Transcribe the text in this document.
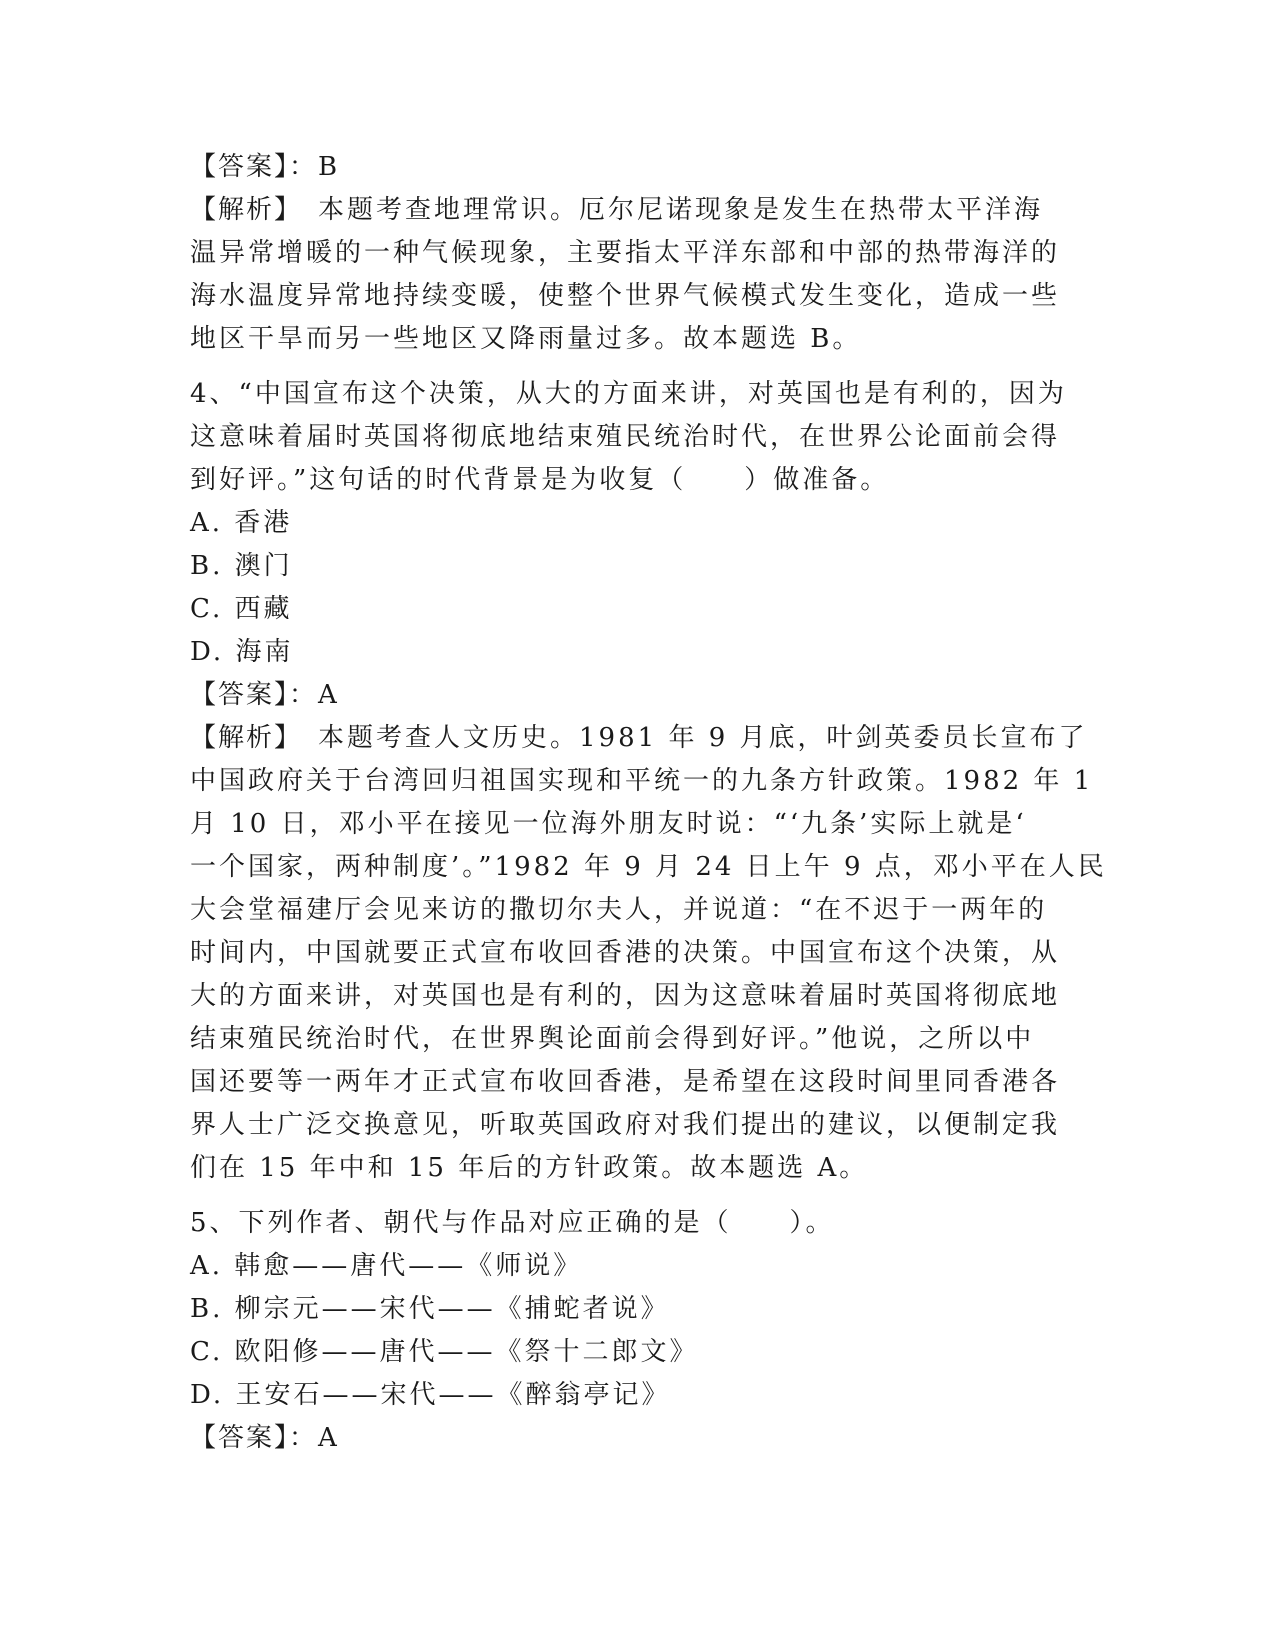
【答案】：B
【解析】　本题考查地理常识。厄尔尼诺现象是发生在热带太平洋海
温异常增暖的一种气候现象，主要指太平洋东部和中部的热带海洋的
海水温度异常地持续变暖，使整个世界气候模式发生变化，造成一些
地区干旱而另一些地区又降雨量过多。故本题选 B。
4、“中国宣布这个决策，从大的方面来讲，对英国也是有利的，因为
这意味着届时英国将彻底地结束殖民统治时代，在世界公论面前会得
到好评。”这句话的时代背景是为收复（　　）做准备。
A. 香港
B. 澳门
C. 西藏
D. 海南
【答案】：A
【解析】　本题考查人文历史。1981 年 9 月底，叶剑英委员长宣布了
中国政府关于台湾回归祖国实现和平统一的九条方针政策。1982 年 1
月 10 日，邓小平在接见一位海外朋友时说：“‘九条’实际上就是‘
一个国家，两种制度’。”1982 年 9 月 24 日上午 9 点，邓小平在人民
大会堂福建厅会见来访的撒切尔夫人，并说道：“在不迟于一两年的
时间内，中国就要正式宣布收回香港的决策。中国宣布这个决策，从
大的方面来讲，对英国也是有利的，因为这意味着届时英国将彻底地
结束殖民统治时代，在世界舆论面前会得到好评。”他说，之所以中
国还要等一两年才正式宣布收回香港，是希望在这段时间里同香港各
界人士广泛交换意见，听取英国政府对我们提出的建议，以便制定我
们在 15 年中和 15 年后的方针政策。故本题选 A。
5、下列作者、朝代与作品对应正确的是（　　）。
A. 韩愈——唐代——《师说》
B. 柳宗元——宋代——《捕蛇者说》
C. 欧阳修——唐代——《祭十二郎文》
D. 王安石——宋代——《醉翁亭记》
【答案】：A
